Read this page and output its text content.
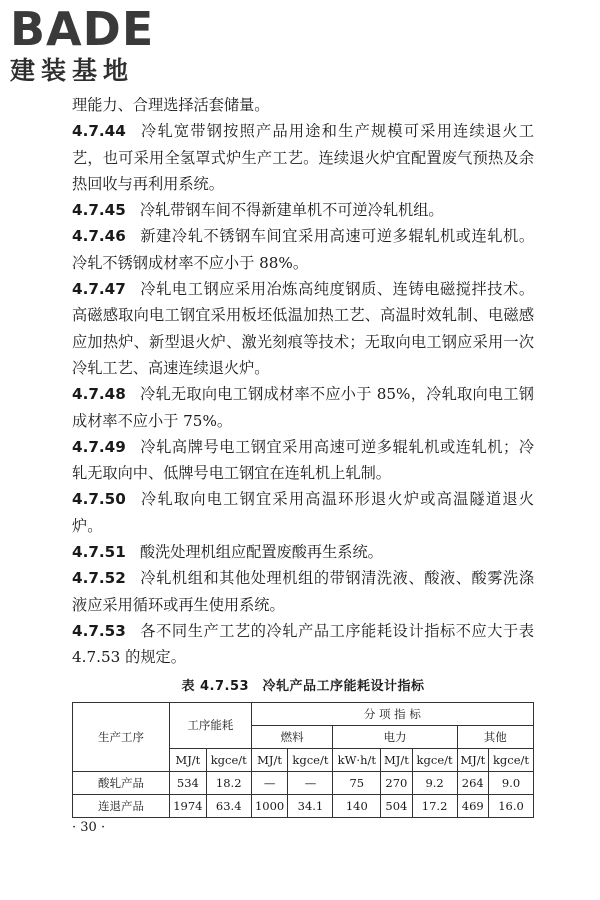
BADE
建装基地

理能力、合理选择活套储量。

4.7.44 冷轧宽带钢按照产品用途和生产规模可采用连续退火工艺，也可采用全氢罩式炉生产工艺。连续退火炉宜配置废气预热及余热回收与再利用系统。

4.7.45 冷轧带钢车间不得新建单机不可逆冷轧机组。

4.7.46 新建冷轧不锈钢车间宜采用高速可逆多辊轧机或连轧机。冷轧不锈钢成材率不应小于 88%。

4.7.47 冷轧电工钢应采用冶炼高纯度钢质、连铸电磁搅拌技术。高磁感取向电工钢宜采用板坯低温加热工艺、高温时效轧制、电磁感应加热炉、新型退火炉、激光刻痕等技术；无取向电工钢应采用一次冷轧工艺、高速连续退火炉。

4.7.48 冷轧无取向电工钢成材率不应小于 85%，冷轧取向电工钢成材率不应小于 75%。

4.7.49 冷轧高牌号电工钢宜采用高速可逆多辊轧机或连轧机；冷轧无取向中、低牌号电工钢宜在连轧机上轧制。

4.7.50 冷轧取向电工钢宜采用高温环形退火炉或高温隧道退火炉。

4.7.51 酸洗处理机组应配置废酸再生系统。

4.7.52 冷轧机组和其他处理机组的带钢清洗液、酸液、酸雾洗涤液应采用循环或再生使用系统。

4.7.53 各不同生产工艺的冷轧产品工序能耗设计指标不应大于表 4.7.53 的规定。

表 4.7.53　冷轧产品工序能耗设计指标
生产工序	工序能耗		分 项 指 标						
			燃料		电力			其他	
	MJ/t	kgce/t	MJ/t	kgce/t	kW·h/t	MJ/t	kgce/t	MJ/t	kgce/t
酸轧产品	534	18.2	—	—	75	270	9.2	264	9.0
连退产品	1974	63.4	1000	34.1	140	504	17.2	469	16.0
· 30 ·
